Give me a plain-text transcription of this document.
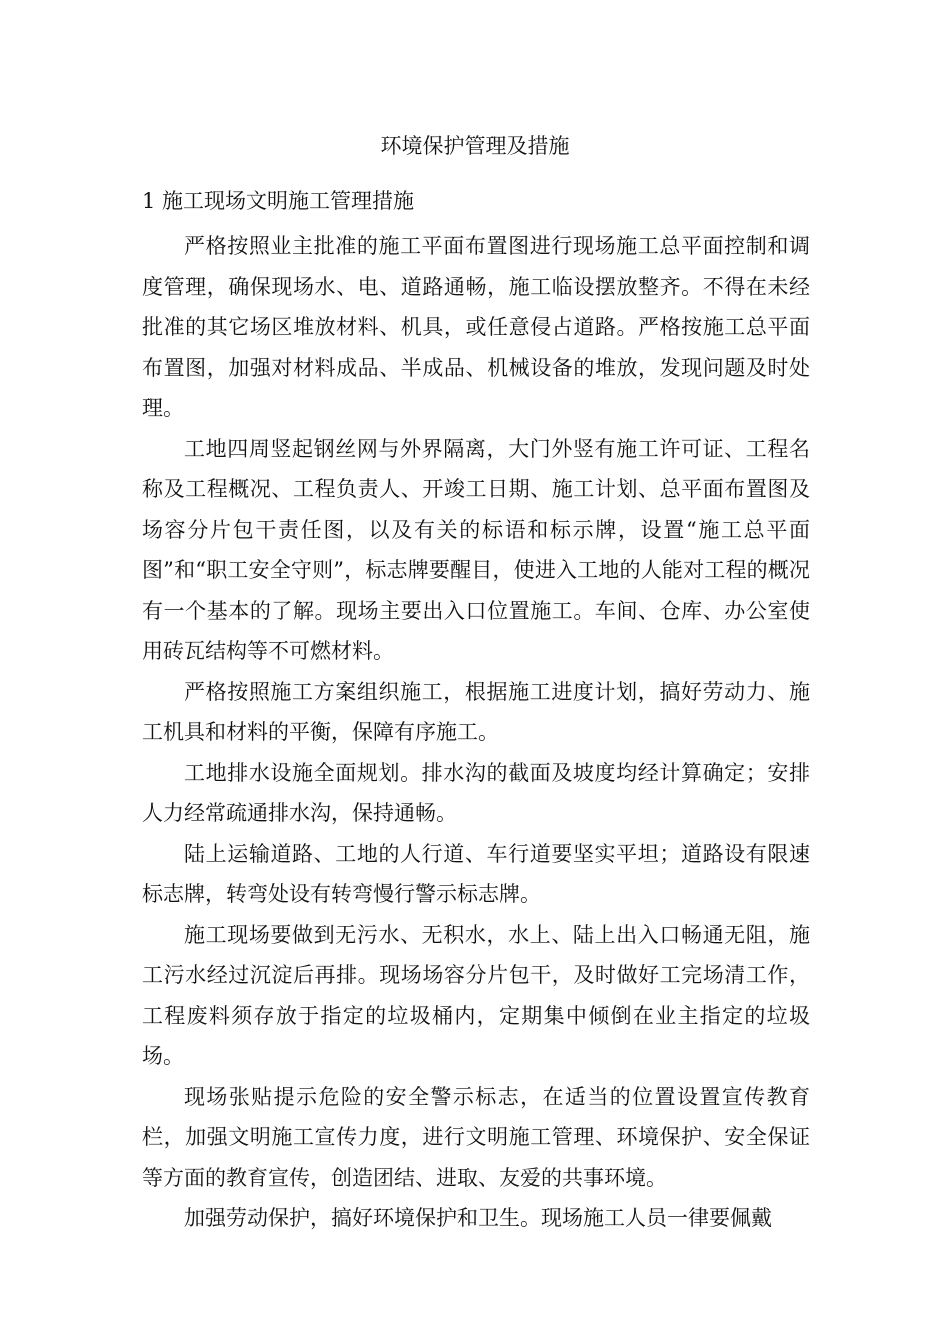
环境保护管理及措施
1 施工现场文明施工管理措施

严格按照业主批准的施工平面布置图进行现场施工总平面控制和调度管理，确保现场水、电、道路通畅，施工临设摆放整齐。不得在未经批准的其它场区堆放材料、机具，或任意侵占道路。严格按施工总平面布置图，加强对材料成品、半成品、机械设备的堆放，发现问题及时处理。

工地四周竖起钢丝网与外界隔离，大门外竖有施工许可证、工程名称及工程概况、工程负责人、开竣工日期、施工计划、总平面布置图及场容分片包干责任图，以及有关的标语和标示牌，设置“施工总平面图”和“职工安全守则”，标志牌要醒目，使进入工地的人能对工程的概况有一个基本的了解。现场主要出入口位置施工。车间、仓库、办公室使用砖瓦结构等不可燃材料。

严格按照施工方案组织施工，根据施工进度计划，搞好劳动力、施工机具和材料的平衡，保障有序施工。

工地排水设施全面规划。排水沟的截面及坡度均经计算确定；安排人力经常疏通排水沟，保持通畅。

陆上运输道路、工地的人行道、车行道要坚实平坦；道路设有限速标志牌，转弯处设有转弯慢行警示标志牌。

施工现场要做到无污水、无积水，水上、陆上出入口畅通无阻，施工污水经过沉淀后再排。现场场容分片包干，及时做好工完场清工作，工程废料须存放于指定的垃圾桶内，定期集中倾倒在业主指定的垃圾场。

现场张贴提示危险的安全警示标志，在适当的位置设置宣传教育栏，加强文明施工宣传力度，进行文明施工管理、环境保护、安全保证等方面的教育宣传，创造团结、进取、友爱的共事环境。

加强劳动保护，搞好环境保护和卫生。现场施工人员一律要佩戴
